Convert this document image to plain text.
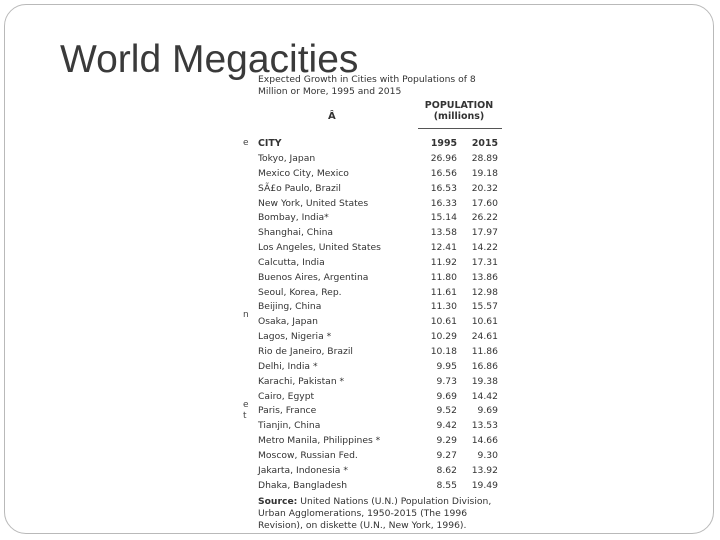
World Megacities
e
n
e
t
Expected Growth in Cities with Populations of 8 Million or More, 1995 and 2015
Â
POPULATION (millions)
CITY	1995	2015
Tokyo, Japan	26.96	28.89
Mexico City, Mexico	16.56	19.18
SÃ£o Paulo, Brazil	16.53	20.32
New York, United States	16.33	17.60
Bombay, India*	15.14	26.22
Shanghai, China	13.58	17.97
Los Angeles, United States	12.41	14.22
Calcutta, India	11.92	17.31
Buenos Aires, Argentina	11.80	13.86
Seoul, Korea, Rep.	11.61	12.98
Beijing, China	11.30	15.57
Osaka, Japan	10.61	10.61
Lagos, Nigeria *	10.29	24.61
Rio de Janeiro, Brazil	10.18	11.86
Delhi, India *	9.95	16.86
Karachi, Pakistan *	9.73	19.38
Cairo, Egypt	9.69	14.42
Paris, France	9.52	9.69
Tianjin, China	9.42	13.53
Metro Manila, Philippines *	9.29	14.66
Moscow, Russian Fed.	9.27	9.30
Jakarta, Indonesia *	8.62	13.92
Dhaka, Bangladesh	8.55	19.49
Source: United Nations (U.N.) Population Division, Urban Agglomerations, 1950-2015 (The 1996 Revision), on diskette (U.N., New York, 1996).
